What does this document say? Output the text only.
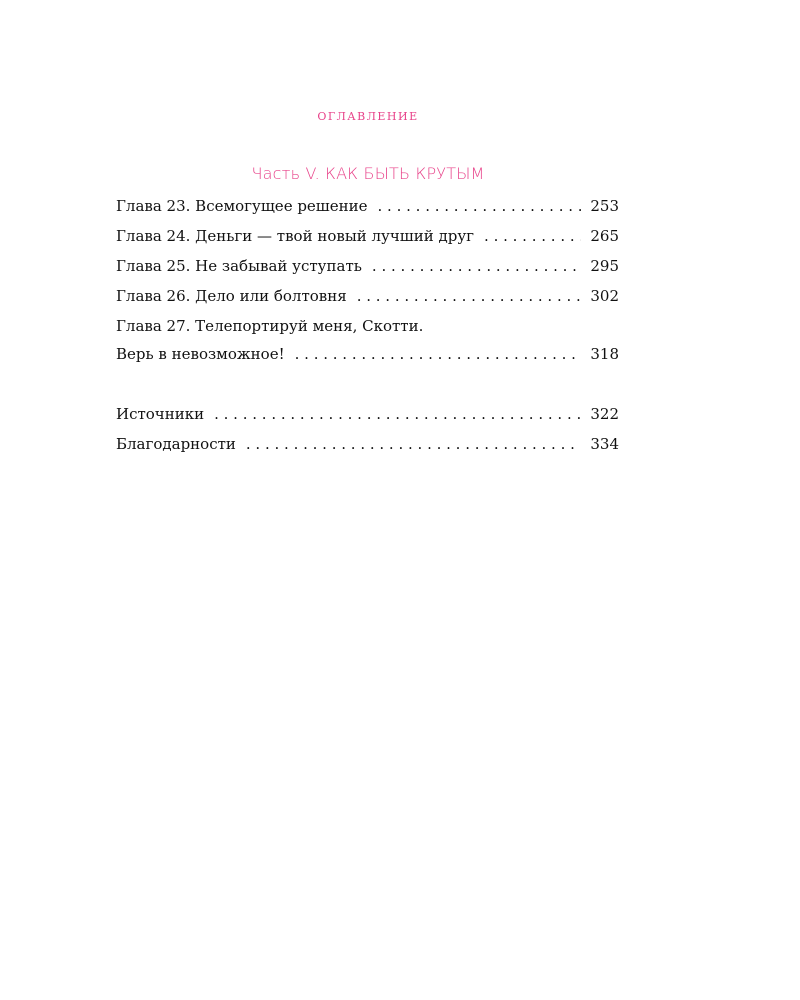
ОГЛАВЛЕНИЕ
Часть V. КАК БЫТЬ КРУТЫМ
Глава 23. Всемогущее решение . . .	253
Глава 24. Деньги — твой новый лучший друг . . .	265
Глава 25. Не забывай уступать . . .	295
Глава 26. Дело или болтовня . . .	302
Глава 27. Телепортируй меня, Скотти.
Верь в невозможное! . . .	318
Источники . . .	322
Благодарности . . .	334
